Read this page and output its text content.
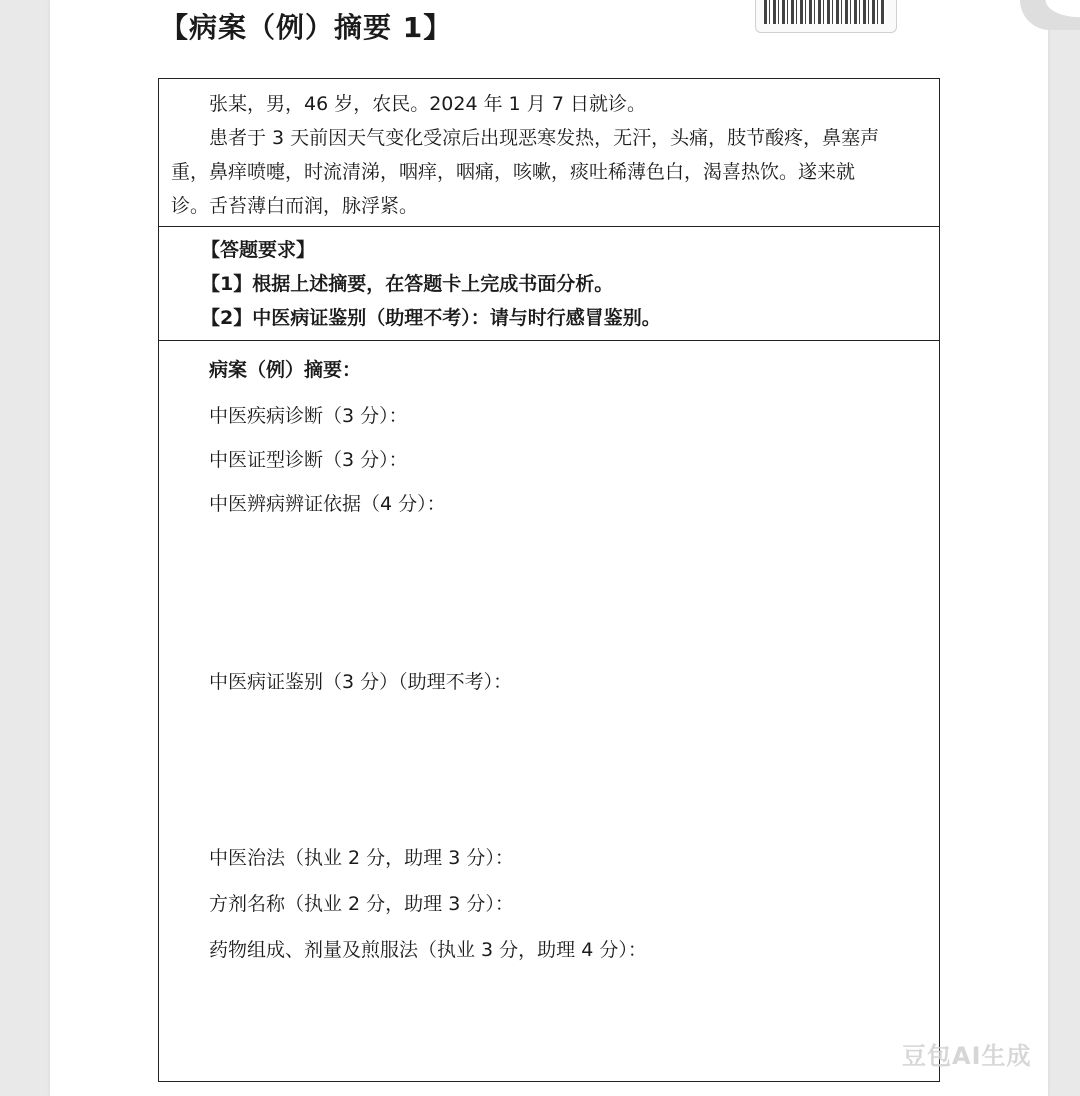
【病案（例）摘要 1】
张某，男，46 岁，农民。2024 年 1 月 7 日就诊。
患者于 3 天前因天气变化受凉后出现恶寒发热，无汗，头痛，肢节酸疼，鼻塞声
重，鼻痒喷嚏，时流清涕，咽痒，咽痛，咳嗽，痰吐稀薄色白，渴喜热饮。遂来就
诊。舌苔薄白而润，脉浮紧。
【答题要求】
【1】根据上述摘要，在答题卡上完成书面分析。
【2】中医病证鉴别（助理不考）：请与时行感冒鉴别。
病案（例）摘要：
中医疾病诊断（3 分）：
中医证型诊断（3 分）：
中医辨病辨证依据（4 分）：
中医病证鉴别（3 分）（助理不考）：
中医治法（执业 2 分，助理 3 分）：
方剂名称（执业 2 分，助理 3 分）：
药物组成、剂量及煎服法（执业 3 分，助理 4 分）：
豆包AI生成
